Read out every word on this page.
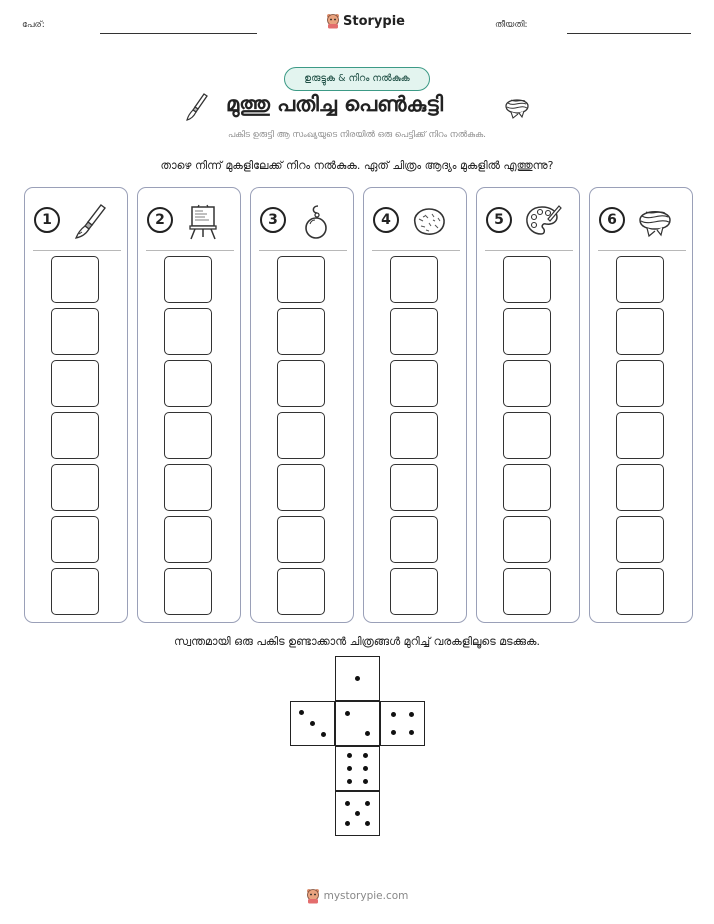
പേര്:	Storypie	തീയതി:
ഉരുട്ടുക & നിറം നൽകുക
മുത്തു പതിച്ച പെൺകുട്ടി
പകിട ഉരുട്ടി ആ സംഖ്യയുടെ നിരയിൽ ഒരു പെട്ടിക്ക് നിറം നൽകുക.
താഴെ നിന്ന് മുകളിലേക്ക് നിറം നൽകുക. ഏത് ചിത്രം ആദ്യം മുകളിൽ എത്തുന്നു?
1	2	3	4	5	6
സ്വന്തമായി ഒരു പകിട ഉണ്ടാക്കാൻ ചിത്രങ്ങൾ മുറിച്ച് വരകളിലൂടെ മടക്കുക.
mystorypie.com
